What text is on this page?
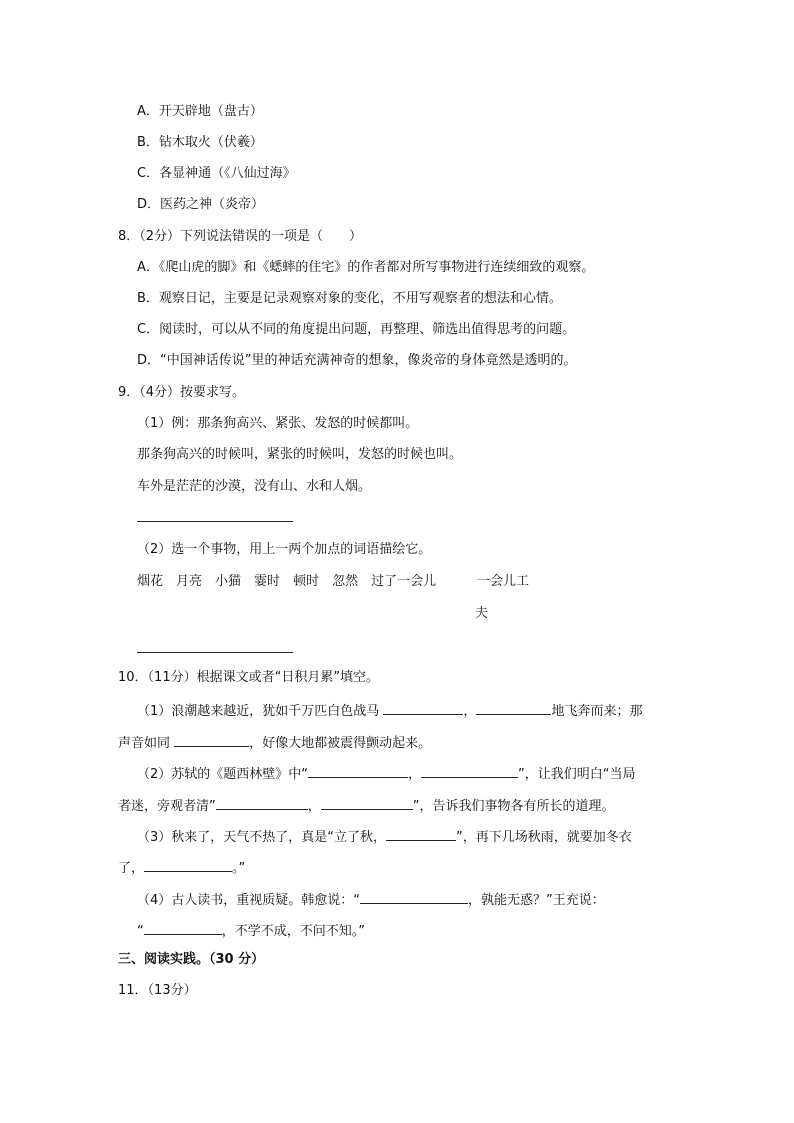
A．开天辟地（盘古）
B．钻木取火（伏羲）
C．各显神通（《八仙过海》
D．医药之神（炎帝）
8．（2分）下列说法错误的一项是（　　）
A．《爬山虎的脚》和《蟋蟀的住宅》的作者都对所写事物进行连续细致的观察。
B．观察日记，主要是记录观察对象的变化，不用写观察者的想法和心情。
C．阅读时，可以从不同的角度提出问题，再整理、筛选出值得思考的问题。
D．“中国神话传说”里的神话充满神奇的想象，像炎帝的身体竟然是透明的。
9．（4分）按要求写。
（1）例：那条狗高兴、紧张、发怒的时候都叫。
那条狗高兴的时候叫，紧张的时候叫，发怒的时候也叫。
车外是茫茫的沙漠，没有山、水和人烟。
（2）选一个事物，用上一两个加点的词语描绘它。
烟花 月亮 小猫 霎时 顿时 忽然 过了一会儿	一会儿工
夫
10．（11分）根据课文或者“日积月累”填空。
（1）浪潮越来越近，犹如千万匹白色战马	，	地飞奔而来；那
声音如同	，好像大地都被震得颤动起来。
（2）苏轼的《题西林壁》中“	，	”，让我们明白“当局
者迷，旁观者清”	，	”，告诉我们事物各有所长的道理。
（3）秋来了，天气不热了，真是“立了秋，	”，再下几场秋雨，就要加冬衣
了，	。”
（4）古人读书，重视质疑。韩愈说：“	，孰能无惑？”王充说：
“	，不学不成，不问不知。”
三、阅读实践。（30 分）
11．（13分）
